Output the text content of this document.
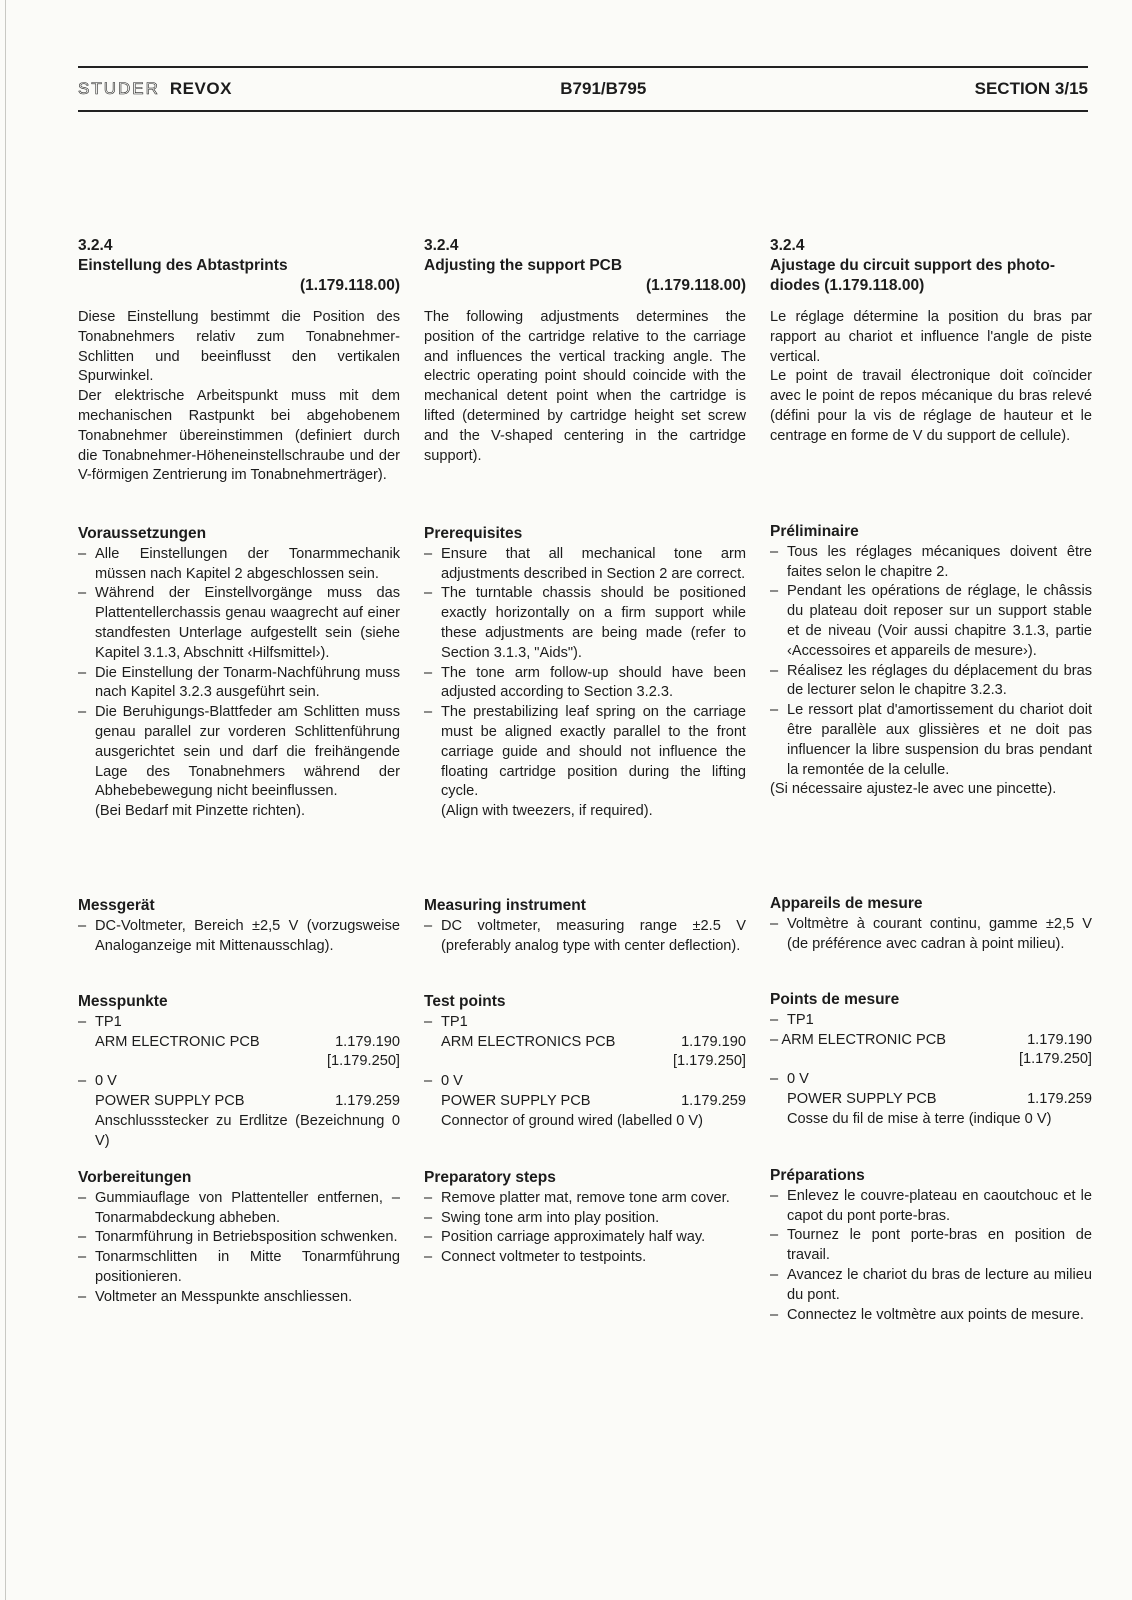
STUDER REVOX	B791/B795	SECTION 3/15
3.2.4
Einstellung des Abtastprints
(1.179.118.00)

Diese Einstellung bestimmt die Position des Tonabnehmers relativ zum Tonabnehmer-Schlitten und beeinflusst den vertikalen Spurwinkel.

Der elektrische Arbeitspunkt muss mit dem mechanischen Rastpunkt bei abgehobenem Tonabnehmer übereinstimmen (definiert durch die Tonabnehmer-Höheneinstellschraube und der V-förmigen Zentrierung im Tonabnehmerträger).

Voraussetzungen
– Alle Einstellungen der Tonarmmechanik müssen nach Kapitel 2 abgeschlossen sein.
– Während der Einstellvorgänge muss das Plattentellerchassis genau waagrecht auf einer standfesten Unterlage aufgestellt sein (siehe Kapitel 3.1.3, Abschnitt ‹Hilfsmittel›).
– Die Einstellung der Tonarm-Nachführung muss nach Kapitel 3.2.3 ausgeführt sein.
– Die Beruhigungs-Blattfeder am Schlitten muss genau parallel zur vorderen Schlittenführung ausgerichtet sein und darf die freihängende Lage des Tonabnehmers während der Abhebebewegung nicht beeinflussen.
(Bei Bedarf mit Pinzette richten).
Messgerät
– DC-Voltmeter, Bereich ±2,5 V (vorzugsweise Analoganzeige mit Mittenausschlag).
Messpunkte
– TP1
ARM ELECTRONIC PCB	1.179.190
[1.179.250]
– 0 V
POWER SUPPLY PCB	1.179.259
Anschlussstecker zu Erdlitze (Bezeichnung 0 V)
Vorbereitungen
– Gummiauflage von Plattenteller entfernen, – Tonarmabdeckung abheben.
– Tonarmführung in Betriebsposition schwenken.
– Tonarmschlitten in Mitte Tonarmführung positionieren.
– Voltmeter an Messpunkte anschliessen.
3.2.4
Adjusting the support PCB
(1.179.118.00)

The following adjustments determines the position of the cartridge relative to the carriage and influences the vertical tracking angle. The electric operating point should coincide with the mechanical detent point when the cartridge is lifted (determined by cartridge height set screw and the V-shaped centering in the cartridge support).

Prerequisites
– Ensure that all mechanical tone arm adjustments described in Section 2 are correct.
– The turntable chassis should be positioned exactly horizontally on a firm support while these adjustments are being made (refer to Section 3.1.3, "Aids").
– The tone arm follow-up should have been adjusted according to Section 3.2.3.
– The prestabilizing leaf spring on the carriage must be aligned exactly parallel to the front carriage guide and should not influence the floating cartridge position during the lifting cycle.
(Align with tweezers, if required).
Measuring instrument
– DC voltmeter, measuring range ±2.5 V (preferably analog type with center deflection).
Test points
– TP1
ARM ELECTRONICS PCB	1.179.190
[1.179.250]
– 0 V
POWER SUPPLY PCB	1.179.259
Connector of ground wired (labelled 0 V)
Preparatory steps
– Remove platter mat, remove tone arm cover.
– Swing tone arm into play position.
– Position carriage approximately half way.
– Connect voltmeter to testpoints.
3.2.4
Ajustage du circuit support des photo-diodes (1.179.118.00)

Le réglage détermine la position du bras par rapport au chariot et influence l'angle de piste vertical.

Le point de travail électronique doit coïncider avec le point de repos mécanique du bras relevé (défini pour la vis de réglage de hauteur et le centrage en forme de V du support de cellule).

Préliminaire
– Tous les réglages mécaniques doivent être faites selon le chapitre 2.
– Pendant les opérations de réglage, le châssis du plateau doit reposer sur un support stable et de niveau (Voir aussi chapitre 3.1.3, partie ‹Accessoires et appareils de mesure›).
– Réalisez les réglages du déplacement du bras de lecturer selon le chapitre 3.2.3.
– Le ressort plat d'amortissement du chariot doit être parallèle aux glissières et ne doit pas influencer la libre suspension du bras pendant la remontée de la celulle.
(Si nécessaire ajustez-le avec une pincette).
Appareils de mesure
– Voltmètre à courant continu, gamme ±2,5 V (de préférence avec cadran à point milieu).
Points de mesure
– TP1
– ARM ELECTRONIC PCB	1.179.190
[1.179.250]
– 0 V
POWER SUPPLY PCB	1.179.259
Cosse du fil de mise à terre (indique 0 V)
Préparations
– Enlevez le couvre-plateau en caoutchouc et le capot du pont porte-bras.
– Tournez le pont porte-bras en position de travail.
– Avancez le chariot du bras de lecture au milieu du pont.
– Connectez le voltmètre aux points de mesure.
